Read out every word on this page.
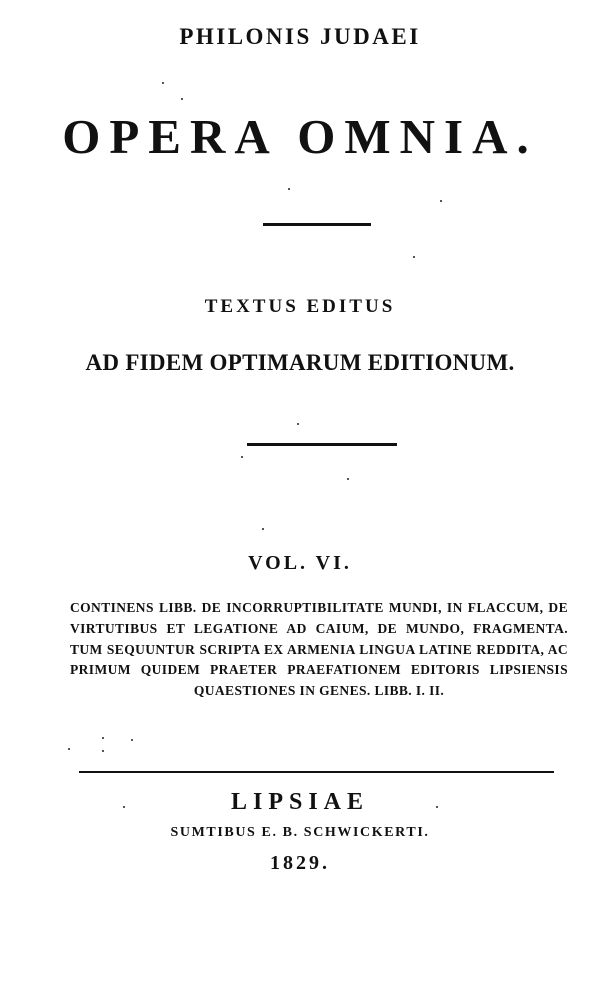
PHILONIS JUDAEI
OPERA OMNIA.
TEXTUS EDITUS
AD FIDEM OPTIMARUM EDITIONUM.
VOL. VI.
CONTINENS LIBB. DE INCORRUPTIBILITATE MUNDI, IN FLACCUM, DE VIRTUTIBUS ET LEGATIONE AD CAIUM, DE MUNDO, FRAGMENTA. TUM SEQUUNTUR SCRIPTA EX ARMENIA LINGUA LATINE REDDITA, AC PRIMUM QUIDEM PRAETER PRAEFATIONEM EDITORIS LIPSIENSIS QUAESTIONES IN GENES. LIBB. I. II.
LIPSIAE
SUMTIBUS E. B. SCHWICKERTI.
1829.
